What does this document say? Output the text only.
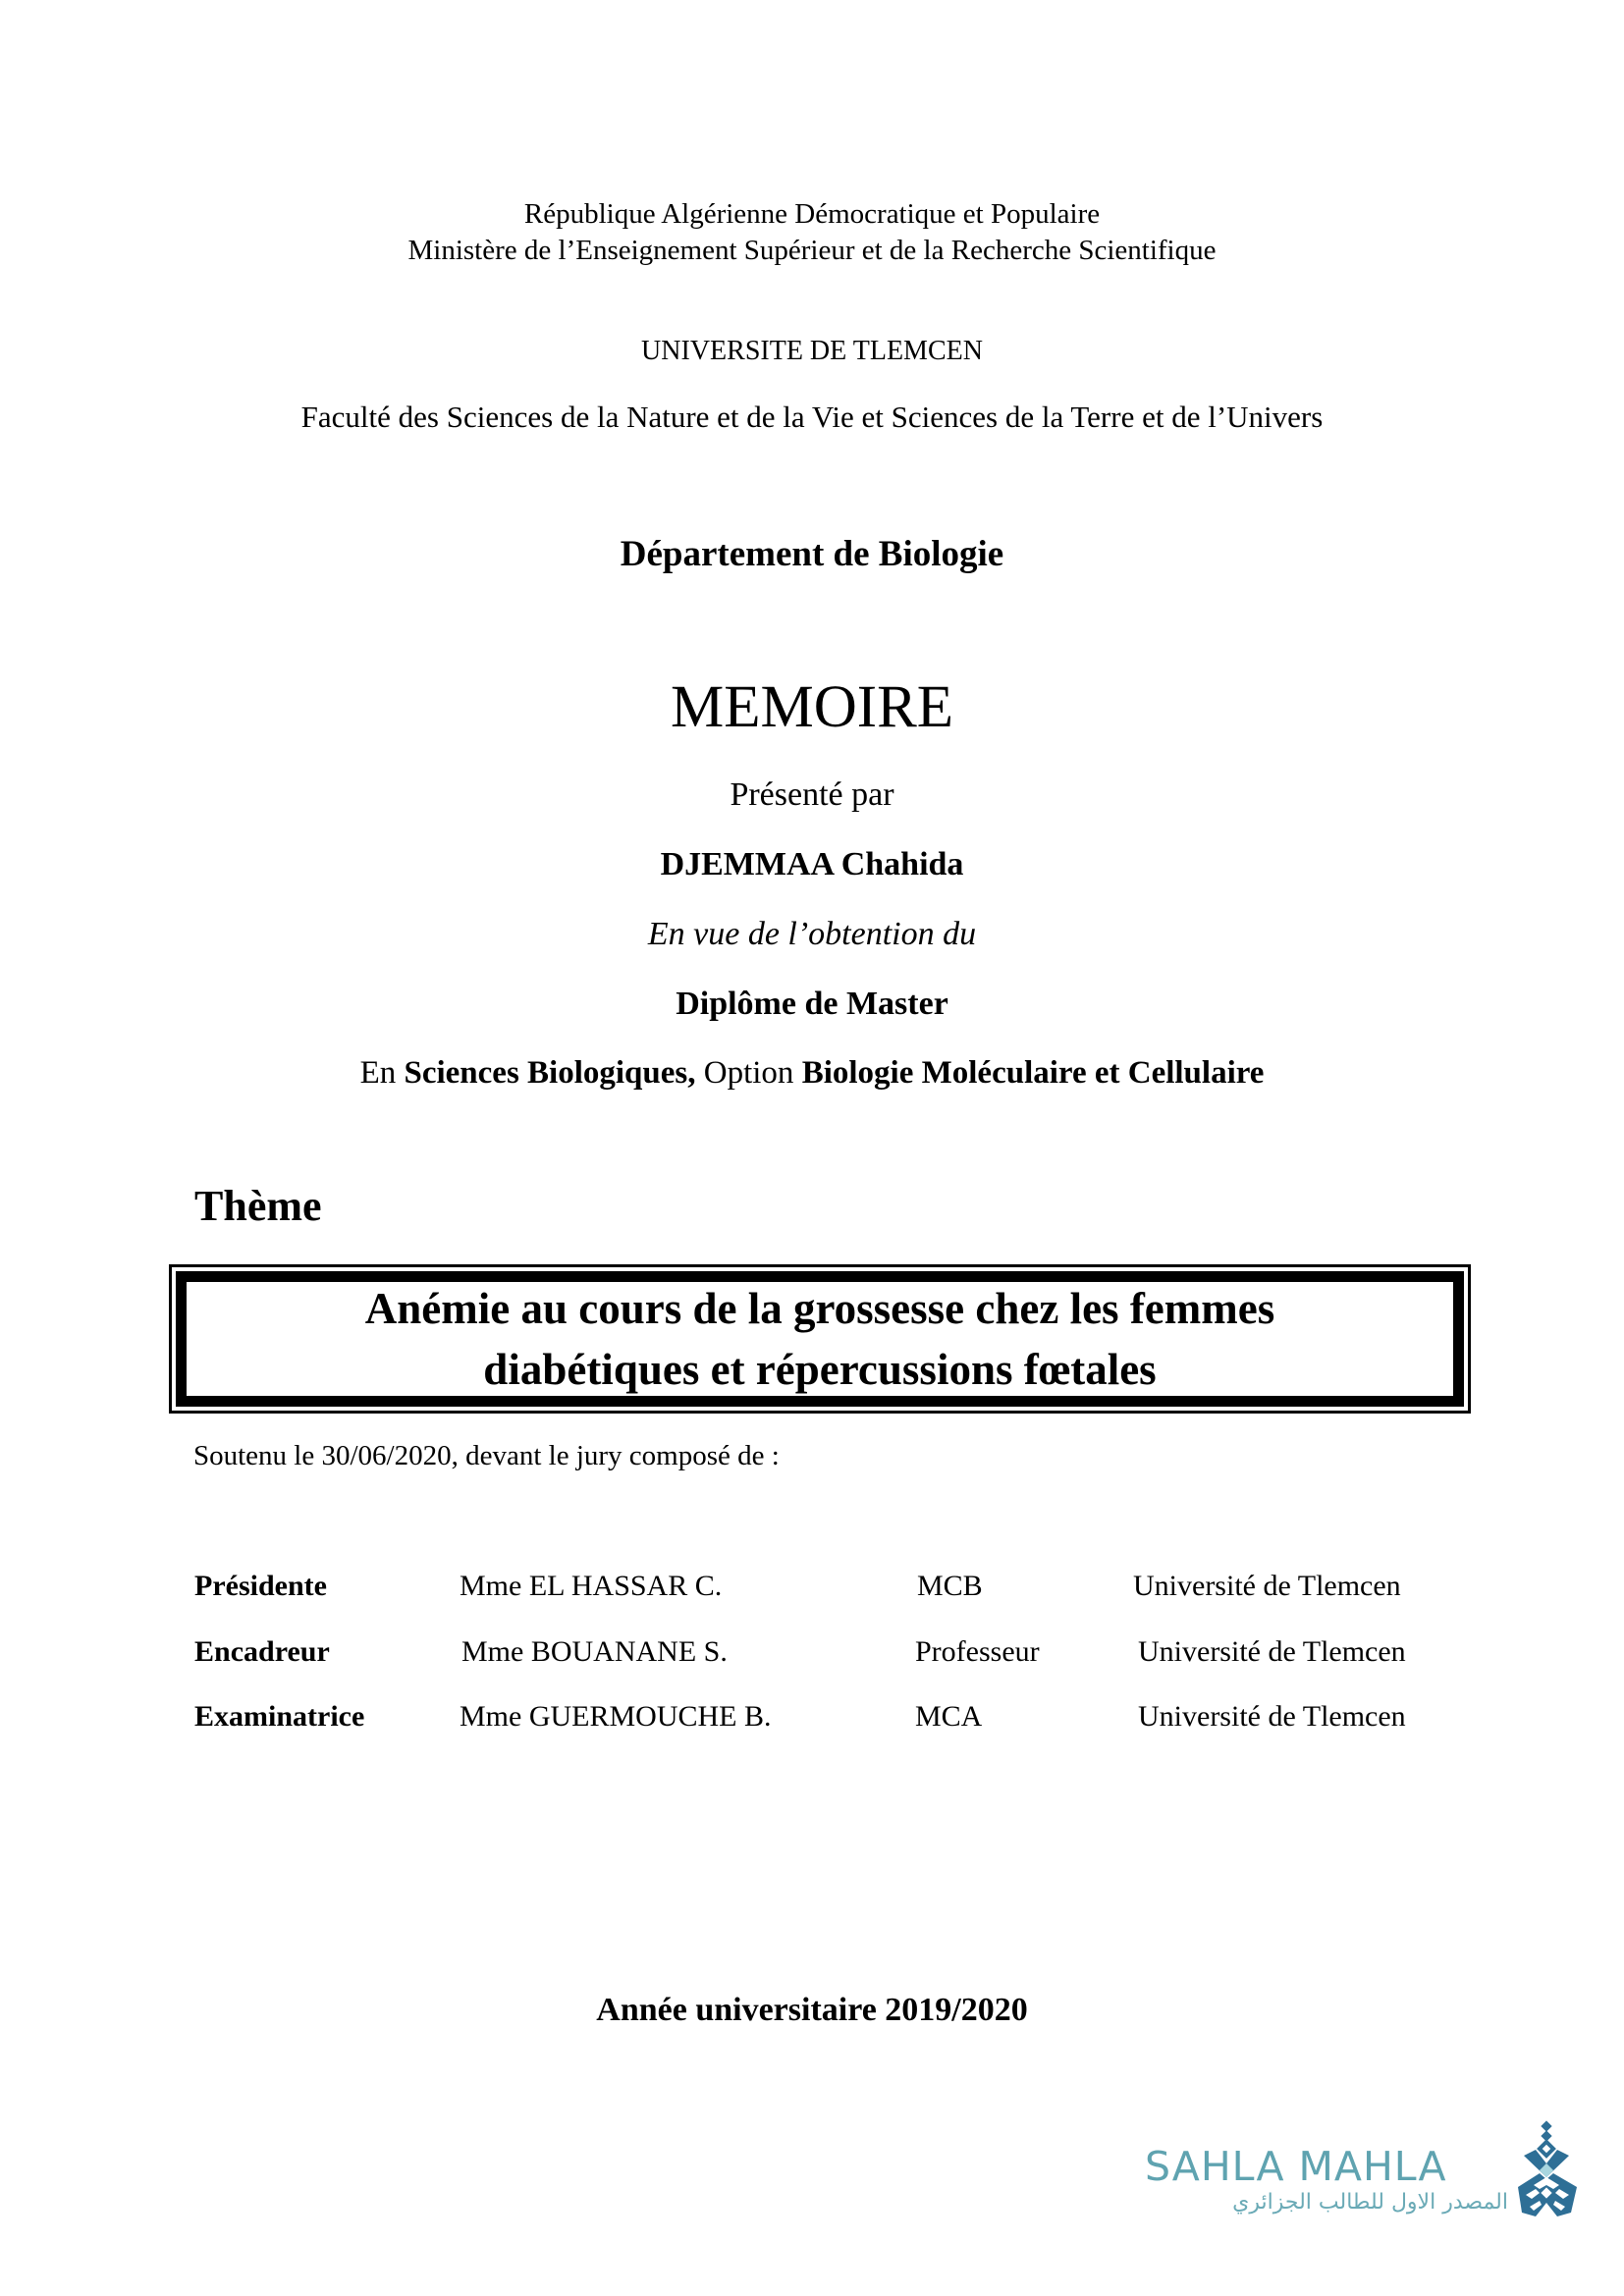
République Algérienne Démocratique et Populaire
Ministère de l’Enseignement Supérieur et de la Recherche Scientifique
UNIVERSITE DE TLEMCEN
Faculté des Sciences de la Nature et de la Vie et Sciences de la Terre et de l’Univers
Département de Biologie
MEMOIRE
Présenté par
DJEMMAA Chahida
En vue de l’obtention du
Diplôme de Master
En Sciences Biologiques, Option Biologie Moléculaire et Cellulaire
Thème
Anémie au cours de la grossesse chez les femmes
diabétiques et répercussions fœtales
Soutenu le 30/06/2020, devant le jury composé de :
Présidente	Mme EL HASSAR C.	MCB	Université de Tlemcen
Encadreur	Mme BOUANANE S.	Professeur	Université de Tlemcen
Examinatrice	Mme GUERMOUCHE B.	MCA	Université de Tlemcen
Année universitaire 2019/2020
SAHLA MAHLA
المصدر الاول للطالب الجزائري
